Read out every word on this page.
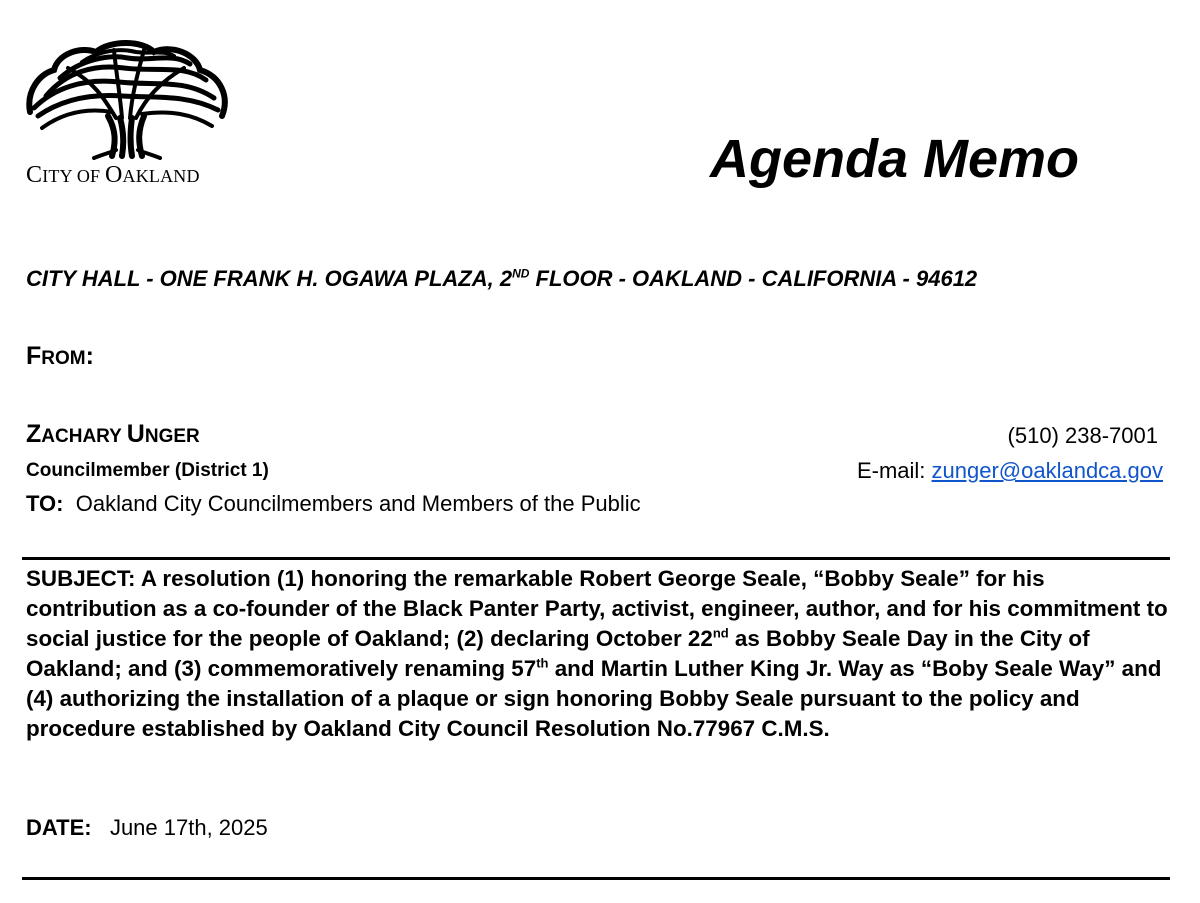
CITY OF OAKLAND	Agenda Memo
CITY HALL - ONE FRANK H. OGAWA PLAZA, 2ND FLOOR - OAKLAND - CALIFORNIA - 94612
FROM:
ZACHARY UNGER
Councilmember (District 1)
(510) 238-7001
E-mail: zunger@oaklandca.gov
TO: Oakland City Councilmembers and Members of the Public
SUBJECT: A resolution (1) honoring the remarkable Robert George Seale, “Bobby Seale” for his contribution as a co-founder of the Black Panter Party, activist, engineer, author, and for his commitment to social justice for the people of Oakland; (2) declaring October 22nd as Bobby Seale Day in the City of Oakland; and (3) commemoratively renaming 57th and Martin Luther King Jr. Way as “Boby Seale Way” and (4) authorizing the installation of a plaque or sign honoring Bobby Seale pursuant to the policy and procedure established by Oakland City Council Resolution No.77967 C.M.S.
DATE: June 17th, 2025
